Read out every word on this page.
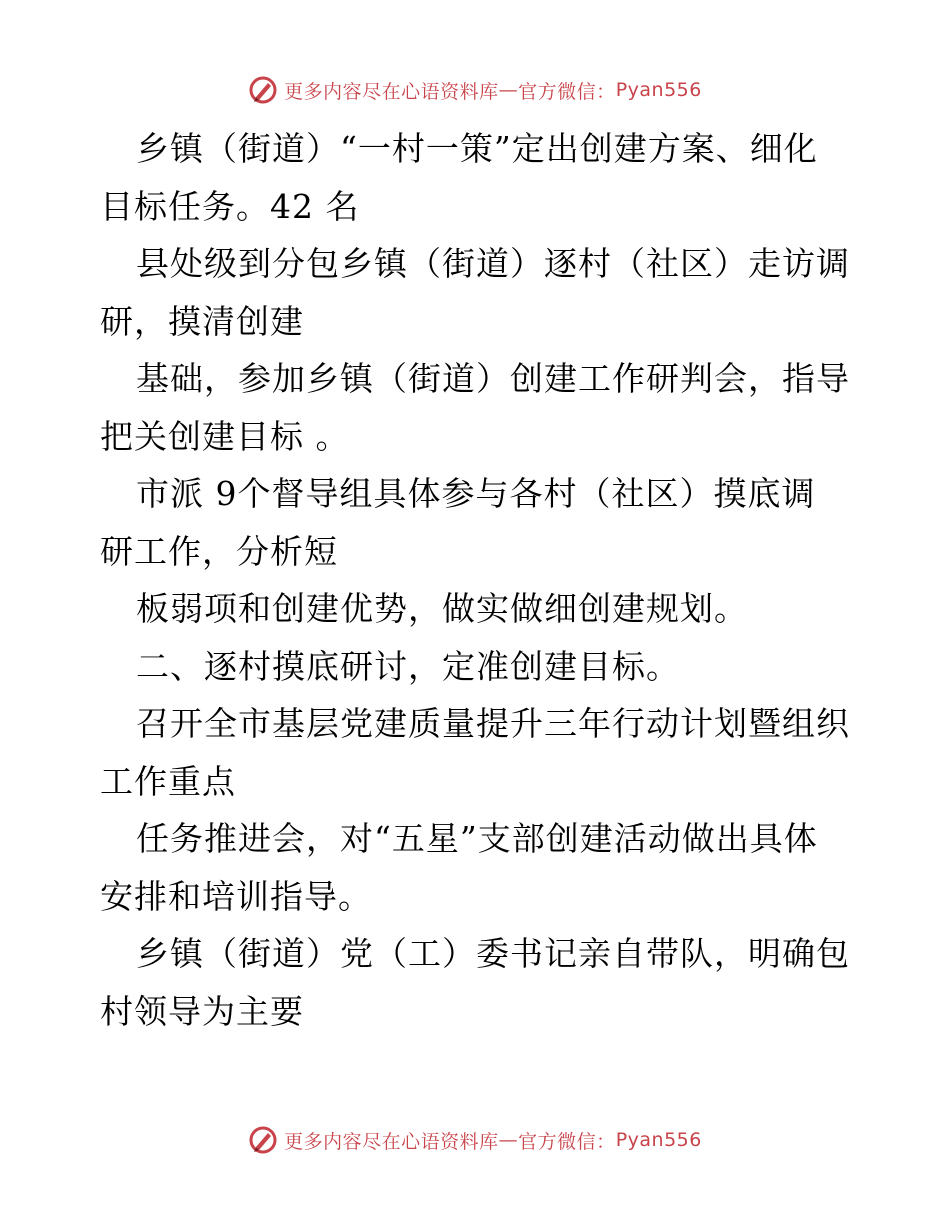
更多内容尽在心语资料库 — 官方微信： Pyan556
乡镇（街道）“一村一策”定出创建方案、细化
目标任务。42 名
县处级到分包乡镇（街道）逐村（社区）走访调
研，摸清创建
基础，参加乡镇（街道）创建工作研判会，指导
把关创建目标 。
市派 9个督导组具体参与各村（社区）摸底调
研工作，分析短
板弱项和创建优势，做实做细创建规划。
二、逐村摸底研讨，定准创建目标。
召开全市基层党建质量提升三年行动计划暨组织
工作重点
任务推进会，对“五星”支部创建活动做出具体
安排和培训指导。
乡镇（街道）党（工）委书记亲自带队，明确包
村领导为主要
更多内容尽在心语资料库 — 官方微信： Pyan556
